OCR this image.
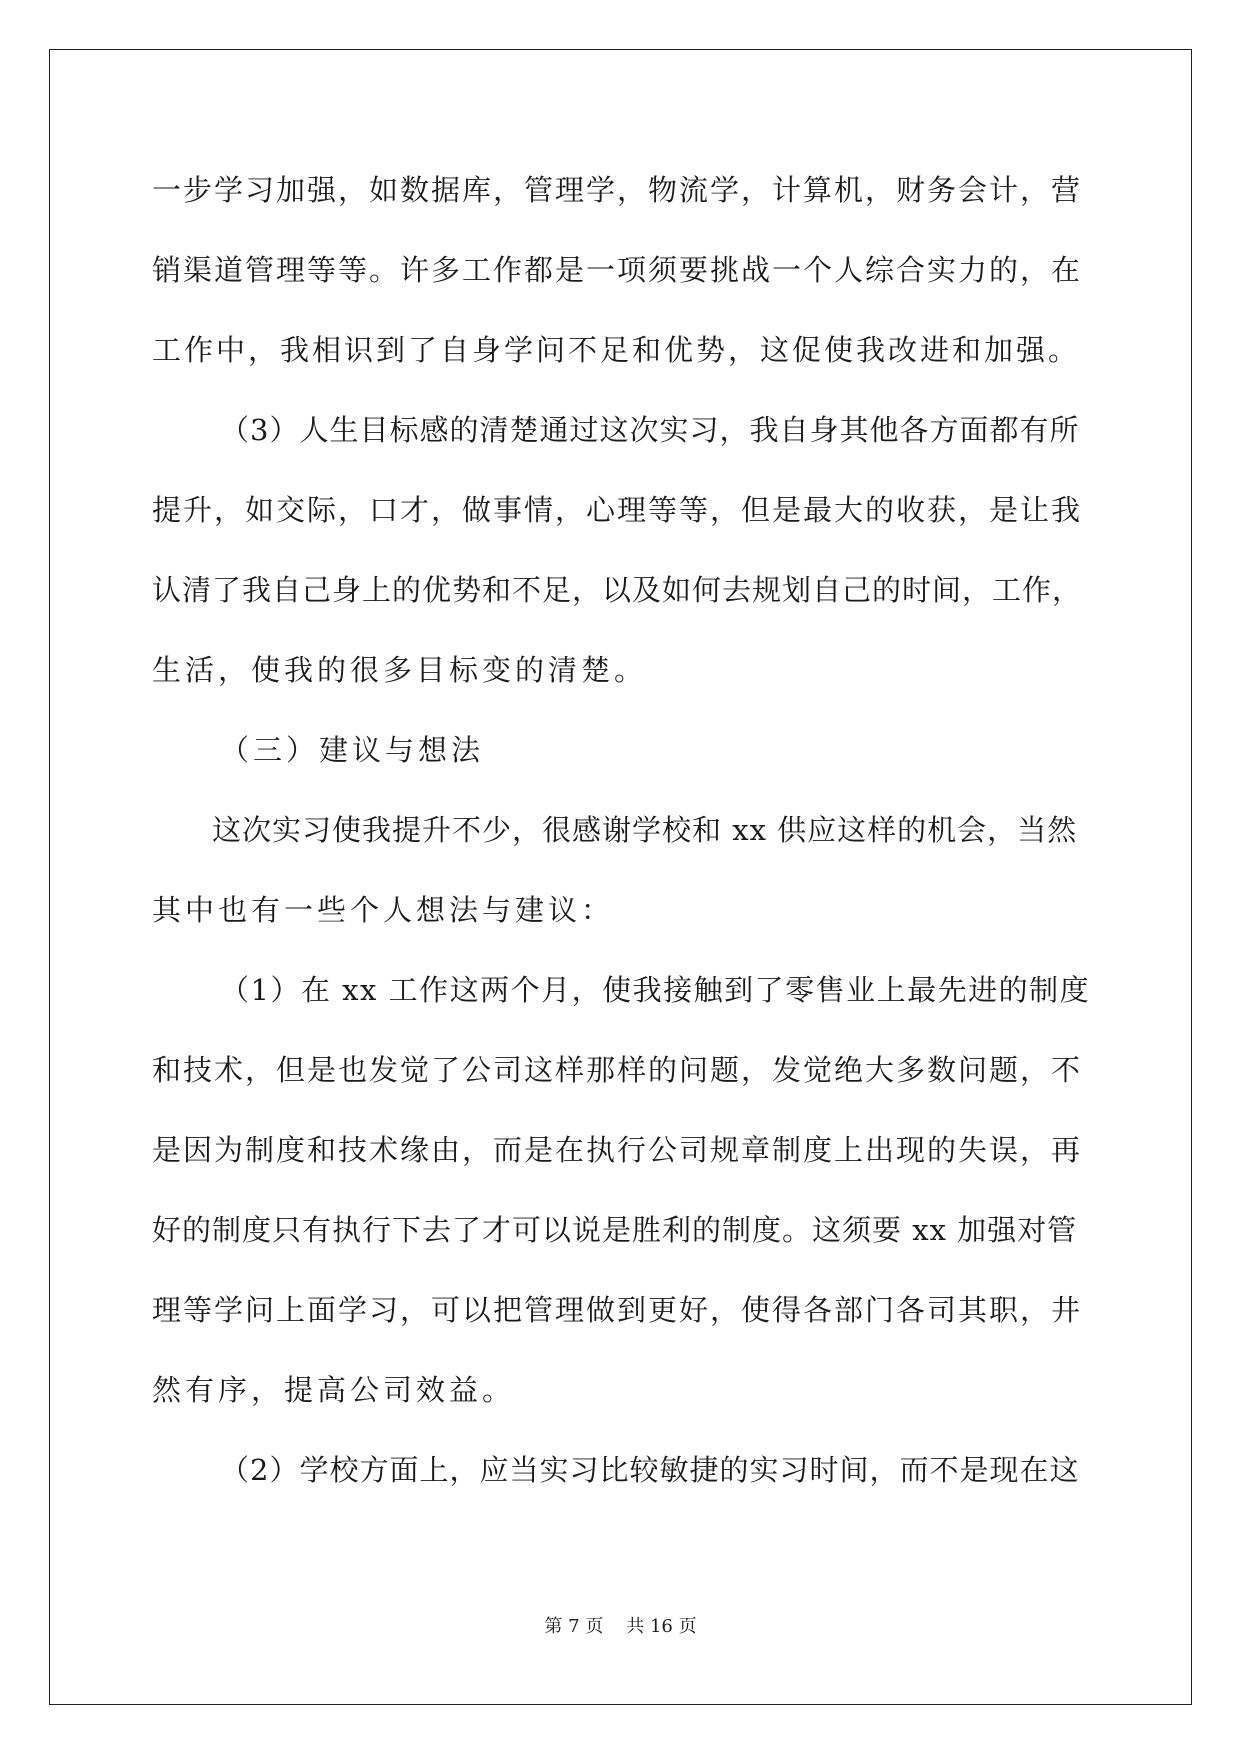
一步学习加强，如数据库，管理学，物流学，计算机，财务会计，营
销渠道管理等等。许多工作都是一项须要挑战一个人综合实力的，在
工作中，我相识到了自身学问不足和优势，这促使我改进和加强。
（3）人生目标感的清楚通过这次实习，我自身其他各方面都有所
提升，如交际，口才，做事情，心理等等，但是最大的收获，是让我
认清了我自己身上的优势和不足，以及如何去规划自己的时间，工作，
生活，使我的很多目标变的清楚。
（三）建议与想法
这次实习使我提升不少，很感谢学校和 xx 供应这样的机会，当然
其中也有一些个人想法与建议：
（1）在 xx 工作这两个月，使我接触到了零售业上最先进的制度
和技术，但是也发觉了公司这样那样的问题，发觉绝大多数问题，不
是因为制度和技术缘由，而是在执行公司规章制度上出现的失误，再
好的制度只有执行下去了才可以说是胜利的制度。这须要 xx 加强对管
理等学问上面学习，可以把管理做到更好，使得各部门各司其职，井
然有序，提高公司效益。
（2）学校方面上，应当实习比较敏捷的实习时间，而不是现在这
第 7 页 共 16 页
